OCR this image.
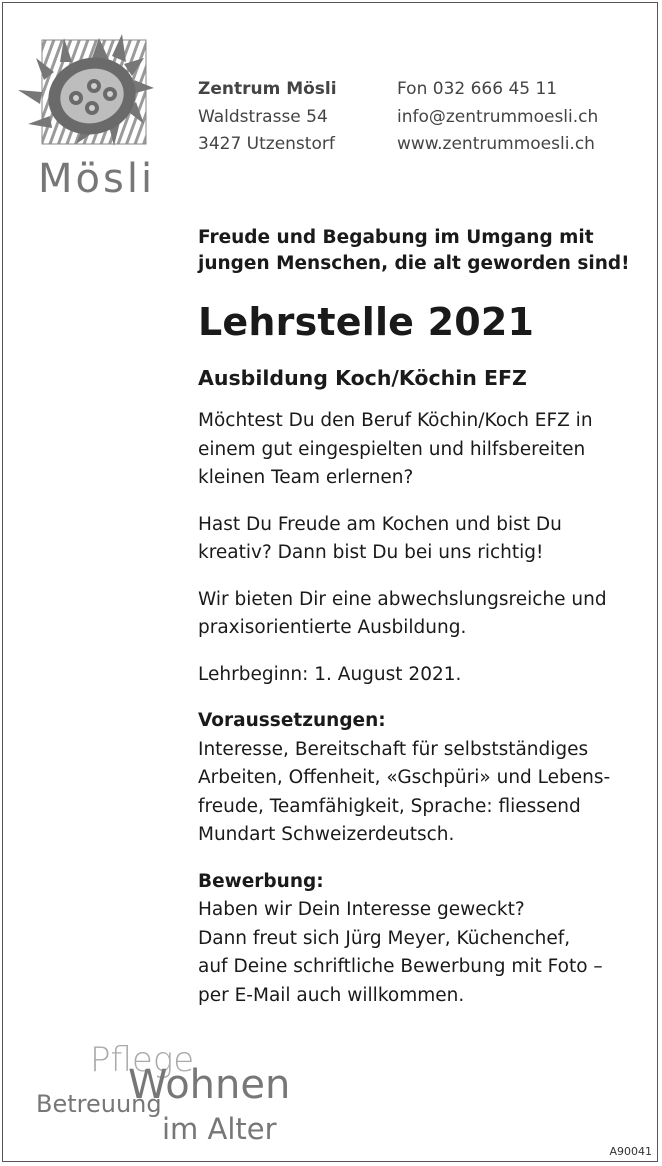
Mösli
Zentrum Mösli
Waldstrasse 54
3427 Utzenstorf
Fon 032 666 45 11
info@zentrummoesli.ch
www.zentrummoesli.ch

Freude und Begabung im Umgang mit
jungen Menschen, die alt geworden sind!

Lehrstelle 2021
Ausbildung Koch/Köchin EFZ

Möchtest Du den Beruf Köchin/Koch EFZ in einem gut eingespielten und hilfsbereiten kleinen Team erlernen?

Hast Du Freude am Kochen und bist Du kreativ? Dann bist Du bei uns richtig!

Wir bieten Dir eine abwechslungsreiche und praxisorientierte Ausbildung.

Lehrbeginn: 1. August 2021.

Voraussetzungen:
Interesse, Bereitschaft für selbstständiges Arbeiten, Offenheit, «Gschpüri» und Lebens-freude, Teamfähigkeit, Sprache: fliessend Mundart Schweizerdeutsch.

Bewerbung:
Haben wir Dein Interesse geweckt?
Dann freut sich Jürg Meyer, Küchenchef,
auf Deine schriftliche Bewerbung mit Foto –
per E-Mail auch willkommen.

Pflege
Wohnen
Betreuung
im Alter
A90041
